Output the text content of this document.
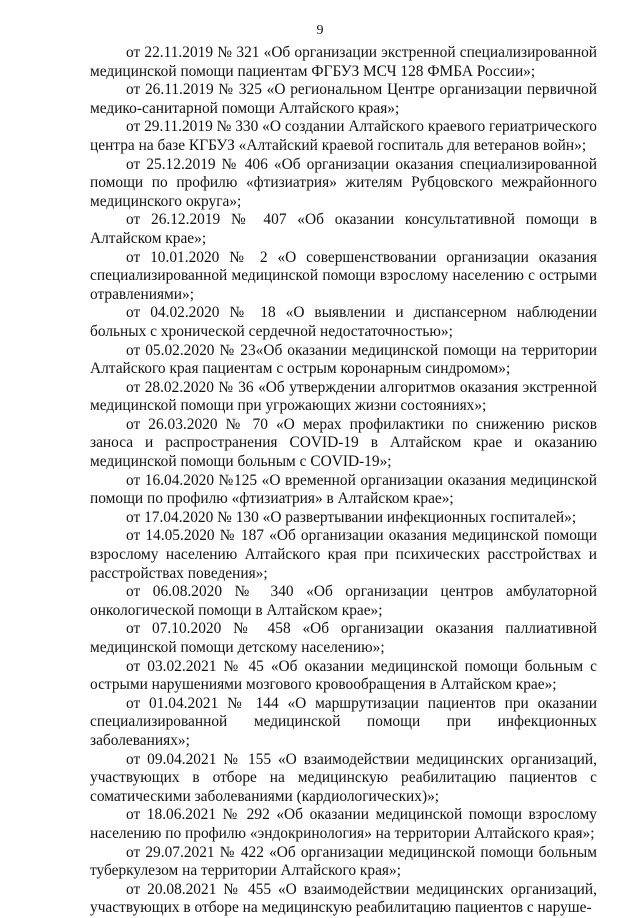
9

от 22.11.2019 № 321 «Об организации экстренной специализированной медицинской помощи пациентам ФГБУЗ МСЧ 128 ФМБА России»;

от 26.11.2019 № 325 «О региональном Центре организации первичной медико-санитарной помощи Алтайского края»;

от 29.11.2019 № 330 «О создании Алтайского краевого гериатрического центра на базе КГБУЗ «Алтайский краевой госпиталь для ветеранов войн»;

от 25.12.2019 № 406 «Об организации оказания специализированной помощи по профилю «фтизиатрия» жителям Рубцовского межрайонного медицинского округа»;

от 26.12.2019 № 407 «Об оказании консультативной помощи в Алтайском крае»;

от 10.01.2020 № 2 «О совершенствовании организации оказания специализированной медицинской помощи взрослому населению с острыми отравлениями»;

от 04.02.2020 № 18 «О выявлении и диспансерном наблюдении больных с хронической сердечной недостаточностью»;

от 05.02.2020 № 23«Об оказании медицинской помощи на территории Алтайского края пациентам с острым коронарным синдромом»;

от 28.02.2020 № 36 «Об утверждении алгоритмов оказания экстренной медицинской помощи при угрожающих жизни состояниях»;

от 26.03.2020 № 70 «О мерах профилактики по снижению рисков заноса и распространения COVID-19 в Алтайском крае и оказанию медицинской помощи больным с COVID-19»;

от 16.04.2020 №125 «О временной организации оказания медицинской помощи по профилю «фтизиатрия» в Алтайском крае»;

от 17.04.2020 № 130 «О развертывании инфекционных госпиталей»;

от 14.05.2020 № 187 «Об организации оказания медицинской помощи взрослому населению Алтайского края при психических расстройствах и расстройствах поведения»;

от 06.08.2020 № 340 «Об организации центров амбулаторной онкологической помощи в Алтайском крае»;

от 07.10.2020 № 458 «Об организации оказания паллиативной медицинской помощи детскому населению»;

от 03.02.2021 № 45 «Об оказании медицинской помощи больным с острыми нарушениями мозгового кровообращения в Алтайском крае»;

от 01.04.2021 № 144 «О маршрутизации пациентов при оказании специализированной медицинской помощи при инфекционных заболеваниях»;

от 09.04.2021 № 155 «О взаимодействии медицинских организаций, участвующих в отборе на медицинскую реабилитацию пациентов с соматическими заболеваниями (кардиологических)»;

от 18.06.2021 № 292 «Об оказании медицинской помощи взрослому населению по профилю «эндокринология» на территории Алтайского края»;

от 29.07.2021 № 422 «Об организации медицинской помощи больным туберкулезом на территории Алтайского края»;

от 20.08.2021 № 455 «О взаимодействии медицинских организаций, участвующих в отборе на медицинскую реабилитацию пациентов с наруше-
